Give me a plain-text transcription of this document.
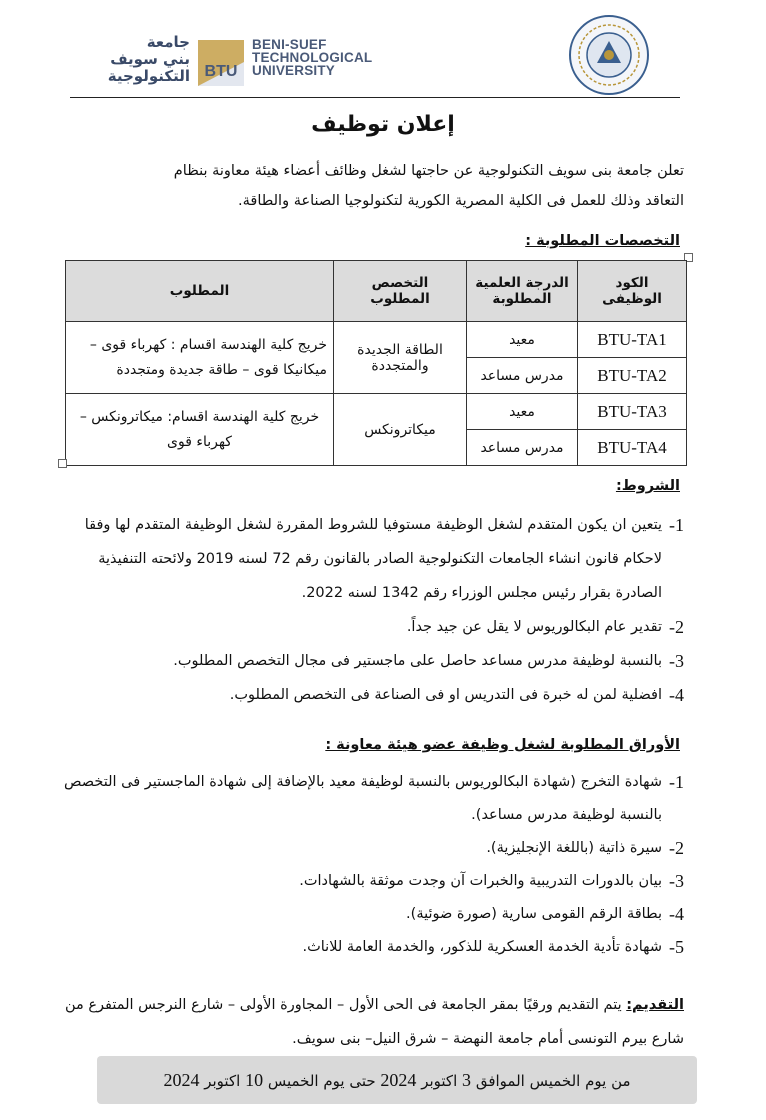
BTU
BENI-SUEF
TECHNOLOGICAL
UNIVERSITY
جامعة
بني سويف
التكنولوجية
إعلان توظيف
تعلن جامعة بنى سويف التكنولوجية عن حاجتها لشغل وظائف أعضاء هيئة معاونة بنظام
التعاقد وذلك للعمل فى الكلية المصرية الكورية لتكنولوجيا الصناعة والطاقة.
التخصصات المطلوبة :
الكود الوظيفى	الدرجة العلمية المطلوبة	التخصص المطلوب	المطلوب
BTU-TA1	معيد	الطاقة الجديدة والمتجددة	خريج كلية الهندسة اقسام : كهرباء قوى – ميكانيكا قوى – طاقة جديدة ومتجددة
BTU-TA2	مدرس مساعد		
BTU-TA3	معيد	ميكاترونكس	خريج كلية الهندسة اقسام: ميكاترونكس – كهرباء قوى
BTU-TA4	مدرس مساعد		
الشروط:
-1
يتعين ان يكون المتقدم لشغل الوظيفة مستوفيا للشروط المقررة لشغل الوظيفة المتقدم لها وفقا لاحكام قانون انشاء الجامعات التكنولوجية الصادر بالقانون رقم 72 لسنه 2019 ولائحته التنفيذية الصادرة بقرار رئيس مجلس الوزراء رقم 1342 لسنه 2022.
-2
تقدير عام البكالوريوس لا يقل عن جيد جداً.
-3
بالنسبة لوظيفة مدرس مساعد حاصل على ماجستير فى مجال التخصص المطلوب.
-4
افضلية لمن له خبرة فى التدريس او فى الصناعة فى التخصص المطلوب.
الأوراق المطلوبة لشغل وظيفة عضو هيئة معاونة :
-1
شهادة التخرج (شهادة البكالوريوس بالنسبة لوظيفة معيد بالإضافة إلى شهادة الماجستير فى التخصص بالنسبة لوظيفة مدرس مساعد).
-2
سيرة ذاتية (باللغة الإنجليزية).
-3
بيان بالدورات التدريبية والخبرات آن وجدت موثقة بالشهادات.
-4
بطاقة الرقم القومى سارية (صورة ضوئية).
-5
شهادة تأدية الخدمة العسكرية للذكور، والخدمة العامة للاناث.
التقديم: يتم التقديم ورقيًا بمقر الجامعة فى الحى الأول – المجاورة الأولى – شارع النرجس المتفرع من شارع بيرم التونسى أمام جامعة النهضة – شرق النيل– بنى سويف.
من يوم الخميس الموافق 3 اكتوبر 2024 حتى يوم الخميس 10 اكتوبر 2024
